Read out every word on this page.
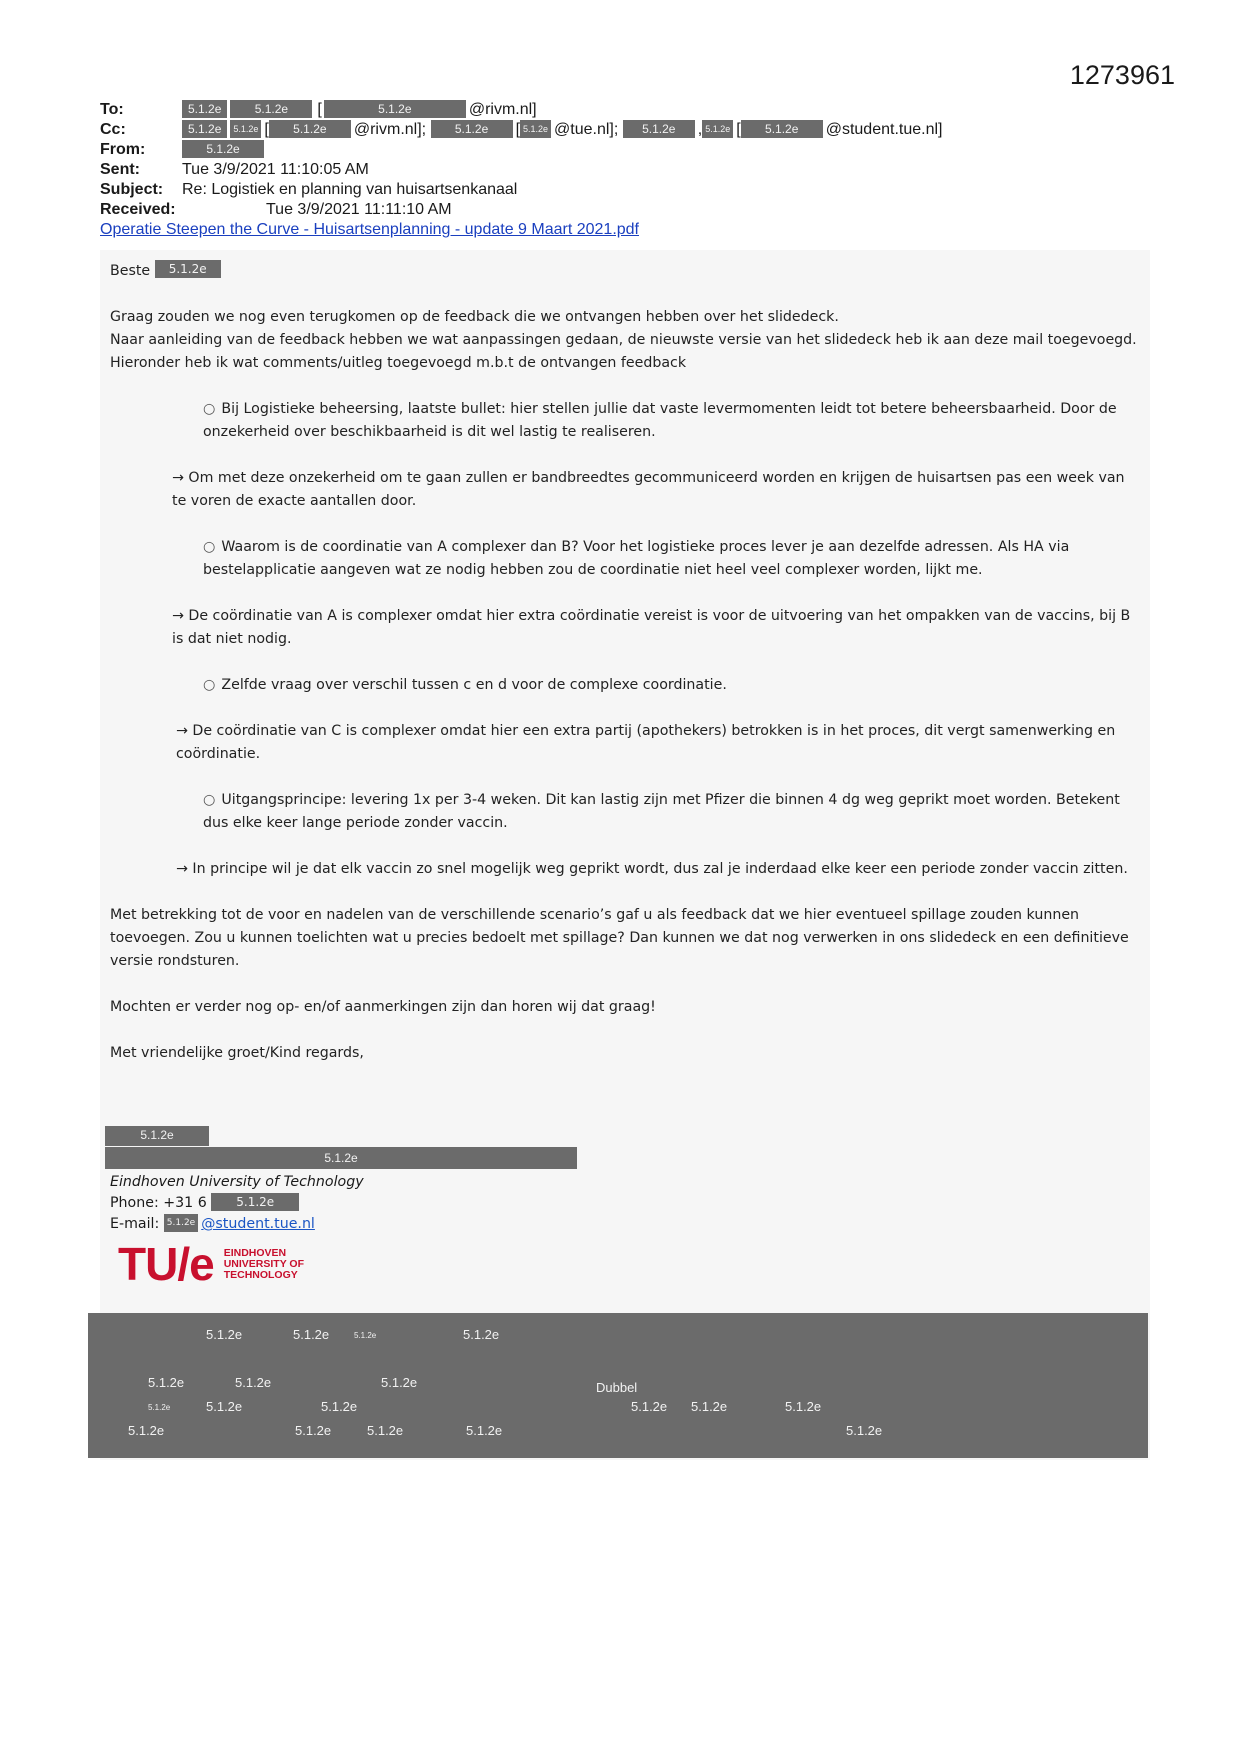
1273961
To:	5.1.2e	5.1.2e [	5.1.2e	@rivm.nl]
Cc:	5.1.2e 5.1.2e [ 5.1.2e @rivm.nl]; 5.1.2e [ 5.1.2e @tue.nl]; 5.1.2e , 5.1.2e [ 5.1.2e @student.tue.nl]
From:	5.1.2e
Sent:	Tue 3/9/2021 11:10:05 AM
Subject: Re: Logistiek en planning van huisartsenkanaal
Received:	Tue 3/9/2021 11:11:10 AM
Operatie Steepen the Curve - Huisartsenplanning - update 9 Maart 2021.pdf

Beste 5.1.2e

Graag zouden we nog even terugkomen op de feedback die we ontvangen hebben over het slidedeck.
Naar aanleiding van de feedback hebben we wat aanpassingen gedaan, de nieuwste versie van het slidedeck heb ik aan deze mail toegevoegd.
Hieronder heb ik wat comments/uitleg toegevoegd m.b.t de ontvangen feedback

○ Bij Logistieke beheersing, laatste bullet: hier stellen jullie dat vaste levermomenten leidt tot betere beheersbaarheid. Door de onzekerheid over beschikbaarheid is dit wel lastig te realiseren.

→ Om met deze onzekerheid om te gaan zullen er bandbreedtes gecommuniceerd worden en krijgen de huisartsen pas een week van te voren de exacte aantallen door.

○ Waarom is de coordinatie van A complexer dan B? Voor het logistieke proces lever je aan dezelfde adressen. Als HA via bestelapplicatie aangeven wat ze nodig hebben zou de coordinatie niet heel veel complexer worden, lijkt me.

→ De coördinatie van A is complexer omdat hier extra coördinatie vereist is voor de uitvoering van het ompakken van de vaccins, bij B is dat niet nodig.

○ Zelfde vraag over verschil tussen c en d voor de complexe coordinatie.

→ De coördinatie van C is complexer omdat hier een extra partij (apothekers) betrokken is in het proces, dit vergt samenwerking en coördinatie.

○ Uitgangsprincipe: levering 1x per 3-4 weken. Dit kan lastig zijn met Pfizer die binnen 4 dg weg geprikt moet worden. Betekent dus elke keer lange periode zonder vaccin.

→ In principe wil je dat elk vaccin zo snel mogelijk weg geprikt wordt, dus zal je inderdaad elke keer een periode zonder vaccin zitten.

Met betrekking tot de voor en nadelen van de verschillende scenario’s gaf u als feedback dat we hier eventueel spillage zouden kunnen toevoegen. Zou u kunnen toelichten wat u precies bedoelt met spillage? Dan kunnen we dat nog verwerken in ons slidedeck en een definitieve versie rondsturen.

Mochten er verder nog op- en/of aanmerkingen zijn dan horen wij dat graag!

Met vriendelijke groet/Kind regards,

5.1.2e
5.1.2e
Eindhoven University of Technology
Phone: +31 6 5.1.2e
E-mail: 5.1.2e @student.tue.nl
TU/e EINDHOVEN
UNIVERSITY OF
TECHNOLOGY
5.1.2e	5.1.2e	5.1.2e	5.1.2e
5.1.2e	5.1.2e	5.1.2e	Dubbel
5.1.2e	5.1.2e	5.1.2e	5.1.2e 5.1.2e	5.1.2e
5.1.2e	5.1.2e	5.1.2e	5.1.2e	5.1.2e
